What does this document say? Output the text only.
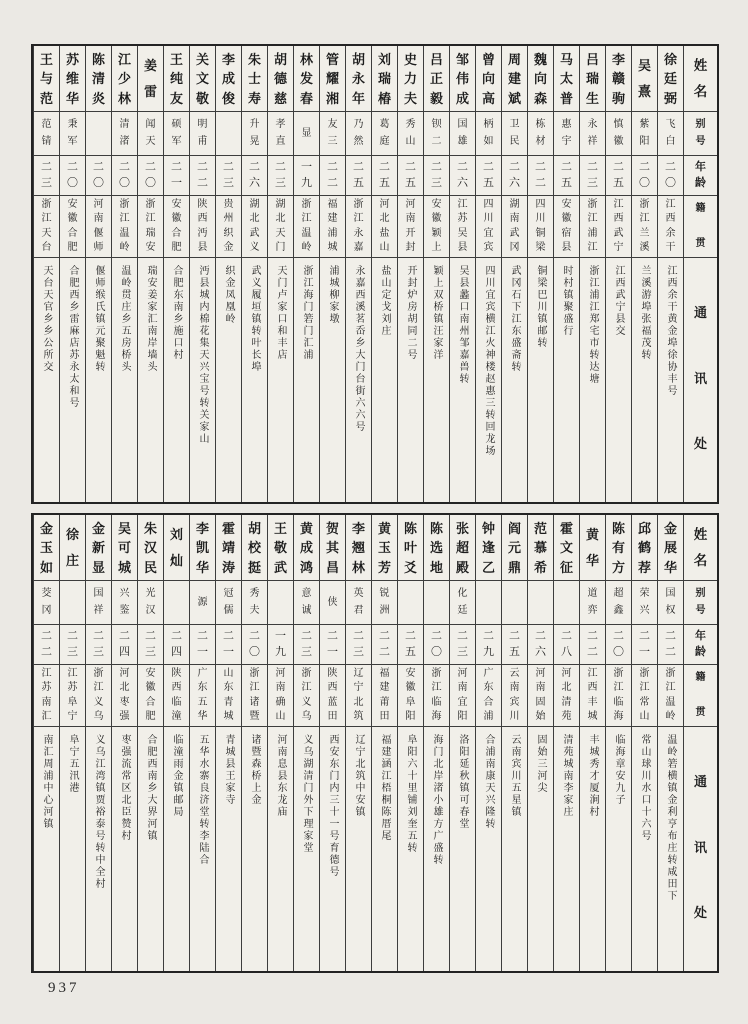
姓
名
别
号
年
龄
籍
贯
通
讯
处
徐
廷
弼
飞
白
二
〇
江
西
余
干
江西余干黄金埠徐协丰号
吴
熹
紫
阳
二
〇
浙
江
兰
溪
兰溪游埠张福茂转
李
赣
驹
慎
徽
二
五
江
西
武
宁
江西武宁县交
吕
瑞
生
永
祥
二
三
浙
江
浦
江
浙江浦江郑宅市转达塘
马
太
普
惠
宇
二
五
安
徽
宿
县
时村镇聚盛行
魏
向
森
栋
材
二
二
四
川
铜
梁
铜梁巴川镇邮转
周
建
斌
卫
民
二
六
湖
南
武
冈
武冈石下江东盛斋转
曾
向
高
柄
如
二
五
四
川
宜
宾
四川宜宾横江火神楼赵惠三转回龙场
邹
伟
成
国
雄
二
六
江
苏
吴
县
吴县蠡口南州邹嘉兽转
吕
正
毅
钡
二
二
三
安
徽
颖
上
颖上双桥镇汪家洋
史
力
夫
秀
山
二
五
河
南
开
封
开封炉房胡同二号
刘
瑞
椿
葛
庭
二
五
河
北
盐
山
盐山定戈刘庄
胡
永
年
乃
然
二
五
浙
江
永
嘉
永嘉西溪茗岙乡大门台街六六号
管
耀
湘
友
三
二
二
福
建
浦
城
浦城柳家墩
林
发
春
显
一
九
浙
江
温
岭
浙江海门箬门汇浦
胡
德
慈
孝
直
二
三
湖
北
天
门
天门卢家口和丰店
朱
士
寿
升
晃
二
六
湖
北
武
义
武义履垣镇转叶长埠
李
成
俊
二
三
贵
州
织
金
织金凤凰岭
关
文
敬
明
甫
二
二
陕
西
沔
县
沔县城内棉花集天兴宝号转关家山
王
纯
友
硕
军
二
一
安
徽
合
肥
合肥东南乡施口村
姜
雷
闻
天
二
〇
浙
江
瑞
安
瑞安姜家汇南岸墙头
江
少
林
清
渚
二
〇
浙
江
温
岭
温岭贯庄乡五房桥头
陈
清
炎
二
〇
河
南
偃
师
偃师缑氏镇元聚魁转
苏
维
华
秉
军
二
〇
安
徽
合
肥
合肥西乡雷麻店苏永太和号
王
与
范
范
锖
二
三
浙
江
天
台
天台天官乡乡公所交

姓
名
别
号
年
龄
籍
贯
通
讯
处
金
展
华
国
权
二
二
浙
江
温
岭
温岭箬横镇金利亨布庄转咸田下
邱
鹤
荐
荣
兴
二
一
浙
江
常
山
常山球川水口十六号
陈
有
方
超
鑫
二
〇
浙
江
临
海
临海章安九子
黄
华
道
弈
二
二
江
西
丰
城
丰城秀才厦涧村
霍
文
征
二
八
河
北
清
苑
清苑城南李家庄
范
慕
希
二
六
河
南
固
始
固始三河尖
阎
元
鼎
二
五
云
南
宾
川
云南宾川五星镇
钟
逢
乙
二
九
广
东
合
浦
合浦南康天兴隆转
张
超
殿
化
廷
二
三
河
南
宜
阳
洛阳延秋镇可春堂
陈
选
地
二
〇
浙
江
临
海
海门北岸渚小雄方广盛转
陈
叶
爻
二
五
安
徽
阜
阳
阜阳六十里铺刘奎五转
黄
玉
芳
锐
洲
二
二
福
建
莆
田
福建涵江梧桐陈厝尾
李
翘
林
英
君
二
三
辽
宁
北
筑
辽宁北筑中安镇
贺
其
昌
侠
二
一
陕
西
蓝
田
西安东门内三十一号育德号
黄
成
鸿
意
诚
二
三
浙
江
义
乌
义乌湖清门外下理家堂
王
敬
武
一
九
河
南
确
山
河南息县东龙庙
胡
校
挺
秀
夫
二
〇
浙
江
诸
暨
诸暨森桥上金
霍
靖
涛
冠
儒
二
一
山
东
青
城
青城县王家寺
李
凯
华
源
二
一
广
东
五
华
五华水寨良济堂转李陆合
刘
灿
二
四
陕
西
临
潼
临潼雨金镇邮局
朱
汉
民
光
汉
二
三
安
徽
合
肥
合肥西南乡大界河镇
吴
可
城
兴
鉴
二
四
河
北
枣
强
枣强流常区北臣赞村
金
新
显
国
祥
二
三
浙
江
义
乌
义乌江湾镇贾裕泰号转中全村
徐
庄
二
三
江
苏
阜
宁
阜宁五汛港
金
玉
如
茭
冈
二
二
江
苏
南
汇
南汇周浦中心河镇
937
